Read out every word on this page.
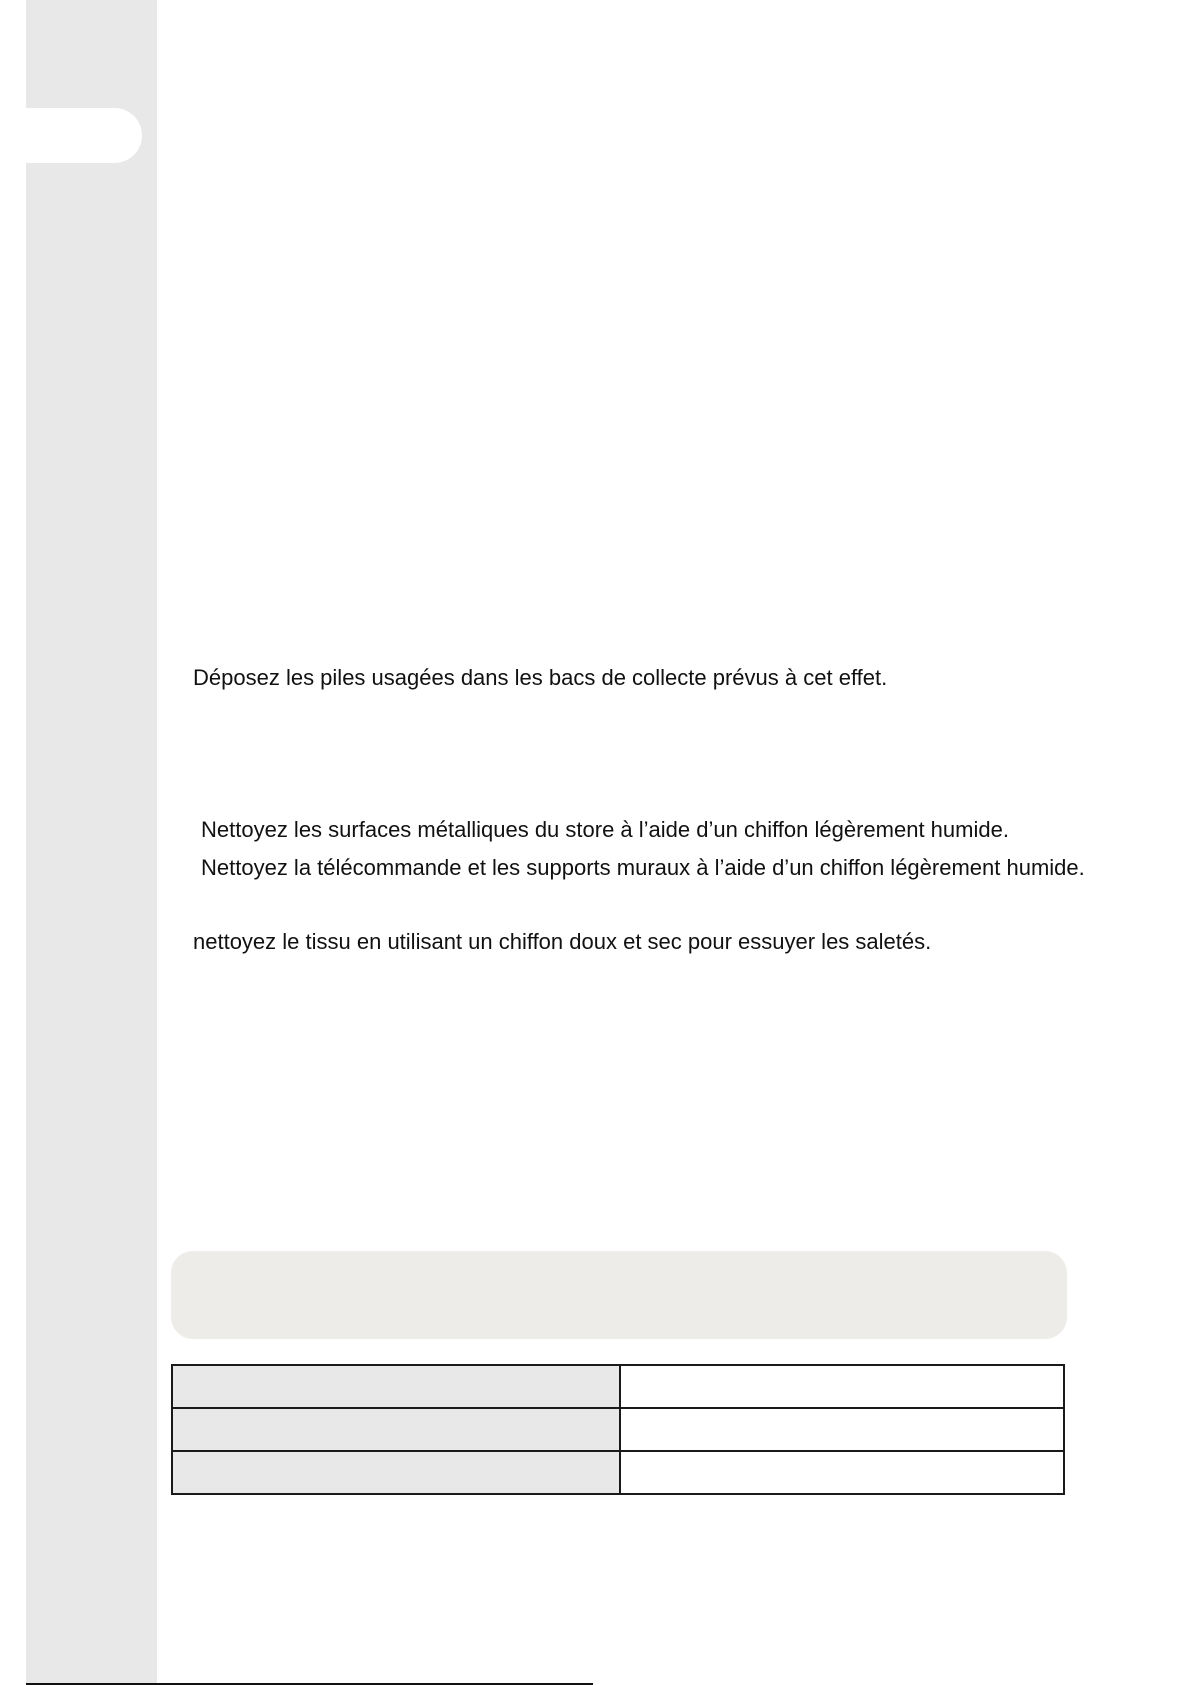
Déposez les piles usagées dans les bacs de collecte prévus à cet effet.

Nettoyez les surfaces métalliques du store à l’aide d’un chiffon légèrement humide.

Nettoyez la télécommande et les supports muraux à l’aide d’un chiffon légèrement humide.

nettoyez le tissu en utilisant un chiffon doux et sec pour essuyer les saletés.
